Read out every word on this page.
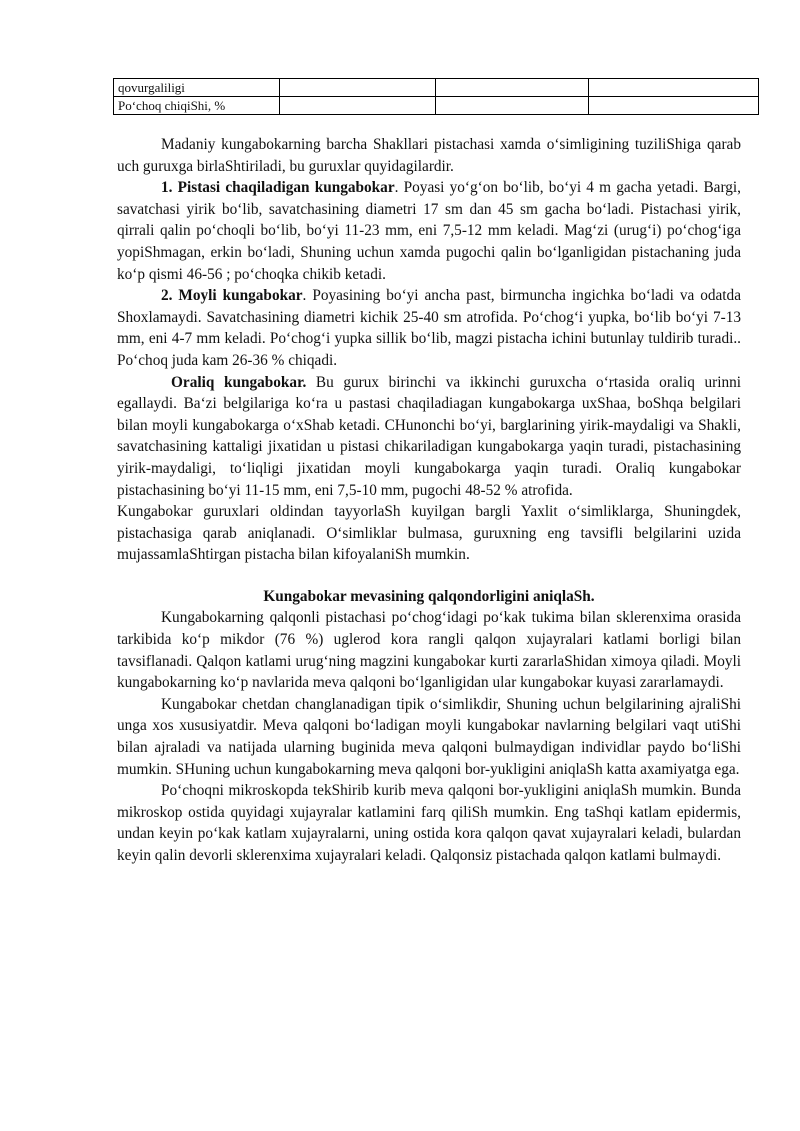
qovurgaliligi			
Po‘choq chiqiShi, %			

Madaniy kungabokarning barcha Shakllari pistachasi xamda o‘simligining tuziliShiga qarab uch guruxga birlaShtiriladi, bu guruxlar quyidagilardir.

1. Pistasi chaqiladigan kungabokar. Poyasi yo‘g‘on bo‘lib, bo‘yi 4 m gacha yetadi. Bargi, savatchasi yirik bo‘lib, savatchasining diametri 17 sm dan 45 sm gacha bo‘ladi. Pistachasi yirik, qirrali qalin po‘choqli bo‘lib, bo‘yi 11-23 mm, eni 7,5-12 mm keladi. Mag‘zi (urug‘i) po‘chog‘iga yopiShmagan, erkin bo‘ladi, Shuning uchun xamda pugochi qalin bo‘lganligidan pistachaning juda ko‘p qismi 46-56 ; po‘choqka chikib ketadi.

2. Moyli kungabokar. Poyasining bo‘yi ancha past, birmuncha ingichka bo‘ladi va odatda Shoxlamaydi. Savatchasining diametri kichik 25-40 sm atrofida. Po‘chog‘i yupka, bo‘lib bo‘yi 7-13 mm, eni 4-7 mm keladi. Po‘chog‘i yupka sillik bo‘lib, magzi pistacha ichini butunlay tuldirib turadi.. Po‘choq juda kam 26-36 % chiqadi.

Oraliq kungabokar. Bu gurux birinchi va ikkinchi guruxcha o‘rtasida oraliq urinni egallaydi. Ba‘zi belgilariga ko‘ra u pastasi chaqiladiagan kungabokarga uxShaa, boShqa belgilari bilan moyli kungabokarga o‘xShab ketadi. CHunonchi bo‘yi, barglarining yirik-maydaligi va Shakli, savatchasining kattaligi jixatidan u pistasi chikariladigan kungabokarga yaqin turadi, pistachasining yirik-maydaligi, to‘liqligi jixatidan moyli kungabokarga yaqin turadi. Oraliq kungabokar pistachasining bo‘yi 11-15 mm, eni 7,5-10 mm, pugochi 48-52 % atrofida.

Kungabokar guruxlari oldindan tayyorlaSh kuyilgan bargli Yaxlit o‘simliklarga, Shuningdek, pistachasiga qarab aniqlanadi. O‘simliklar bulmasa, guruxning eng tavsifli belgilarini uzida mujassamlaShtirgan pistacha bilan kifoyalaniSh mumkin.

Kungabokar mevasining qalqondorligini aniqlaSh.

Kungabokarning qalqonli pistachasi po‘chog‘idagi po‘kak tukima bilan sklerenxima orasida tarkibida ko‘p mikdor (76 %) uglerod kora rangli qalqon xujayralari katlami borligi bilan tavsiflanadi. Qalqon katlami urug‘ning magzini kungabokar kurti zararlaShidan ximoya qiladi. Moyli kungabokarning ko‘p navlarida meva qalqoni bo‘lganligidan ular kungabokar kuyasi zararlamaydi.

Kungabokar chetdan changlanadigan tipik o‘simlikdir, Shuning uchun belgilarining ajraliShi unga xos xususiyatdir. Meva qalqoni bo‘ladigan moyli kungabokar navlarning belgilari vaqt utiShi bilan ajraladi va natijada ularning buginida meva qalqoni bulmaydigan individlar paydo bo‘liShi mumkin. SHuning uchun kungabokarning meva qalqoni bor-yukligini aniqlaSh katta axamiyatga ega.

Po‘choqni mikroskopda tekShirib kurib meva qalqoni bor-yukligini aniqlaSh mumkin. Bunda mikroskop ostida quyidagi xujayralar katlamini farq qiliSh mumkin. Eng taShqi katlam epidermis, undan keyin po‘kak katlam xujayralarni, uning ostida kora qalqon qavat xujayralari keladi, bulardan keyin qalin devorli sklerenxima xujayralari keladi. Qalqonsiz pistachada qalqon katlami bulmaydi.
